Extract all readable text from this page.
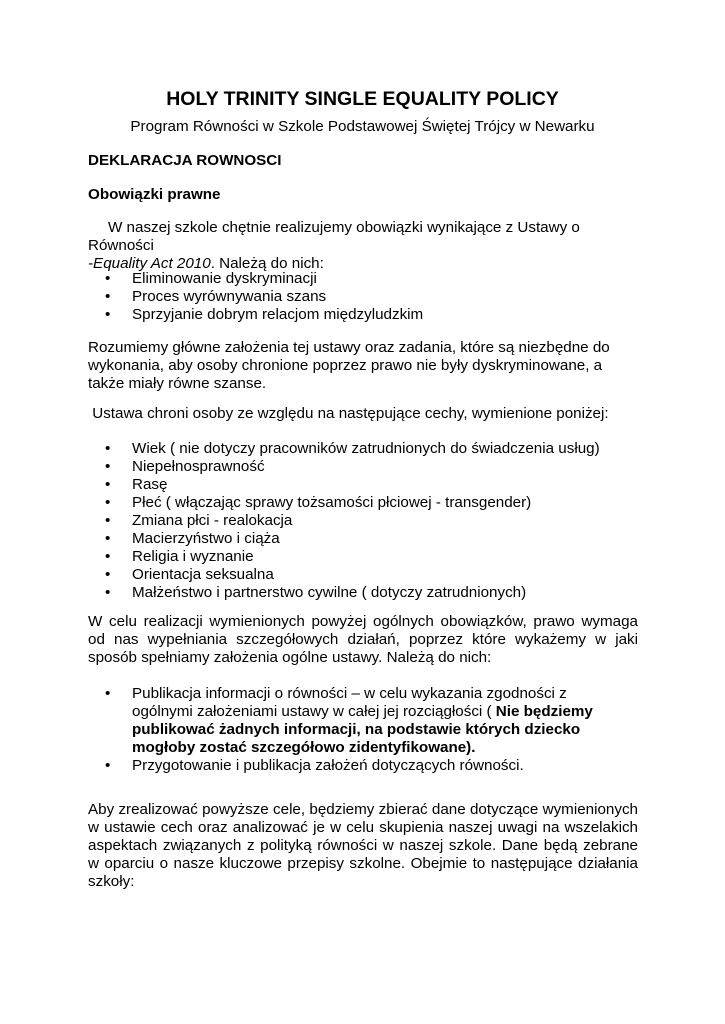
HOLY TRINITY SINGLE EQUALITY POLICY
Program Równości w Szkole Podstawowej Świętej Trójcy w Newarku
DEKLARACJA ROWNOSCI
Obowiązki prawne
W naszej szkole chętnie realizujemy obowiązki wynikające z Ustawy o Równości
-Equality Act 2010. Należą do nich:
• Eliminowanie dyskryminacji
• Proces wyrównywania szans
• Sprzyjanie dobrym relacjom międzyludzkim
Rozumiemy główne założenia tej ustawy oraz zadania, które są niezbędne do wykonania, aby osoby chronione poprzez prawo nie były dyskryminowane, a także miały równe szanse.
Ustawa chroni osoby ze względu na następujące cechy, wymienione poniżej:
• Wiek ( nie dotyczy pracowników zatrudnionych do świadczenia usług)
• Niepełnosprawność
• Rasę
• Płeć ( włączając sprawy tożsamości płciowej - transgender)
• Zmiana płci - realokacja
• Macierzyństwo i ciąża
• Religia i wyznanie
• Orientacja seksualna
• Małżeństwo i partnerstwo cywilne ( dotyczy zatrudnionych)
W celu realizacji wymienionych powyżej ogólnych obowiązków, prawo wymaga od nas wypełniania szczegółowych działań, poprzez które wykażemy w jaki sposób spełniamy założenia ogólne ustawy. Należą do nich:
• Publikacja informacji o równości – w celu wykazania zgodności z ogólnymi założeniami ustawy w całej jej rozciągłości ( Nie będziemy publikować żadnych informacji, na podstawie których dziecko mogłoby zostać szczegółowo zidentyfikowane).
• Przygotowanie i publikacja założeń dotyczących równości.
Aby zrealizować powyższe cele, będziemy zbierać dane dotyczące wymienionych w ustawie cech oraz analizować je w celu skupienia naszej uwagi na wszelakich aspektach związanych z polityką równości w naszej szkole. Dane będą zebrane w oparciu o nasze kluczowe przepisy szkolne. Obejmie to następujące działania szkoły:
